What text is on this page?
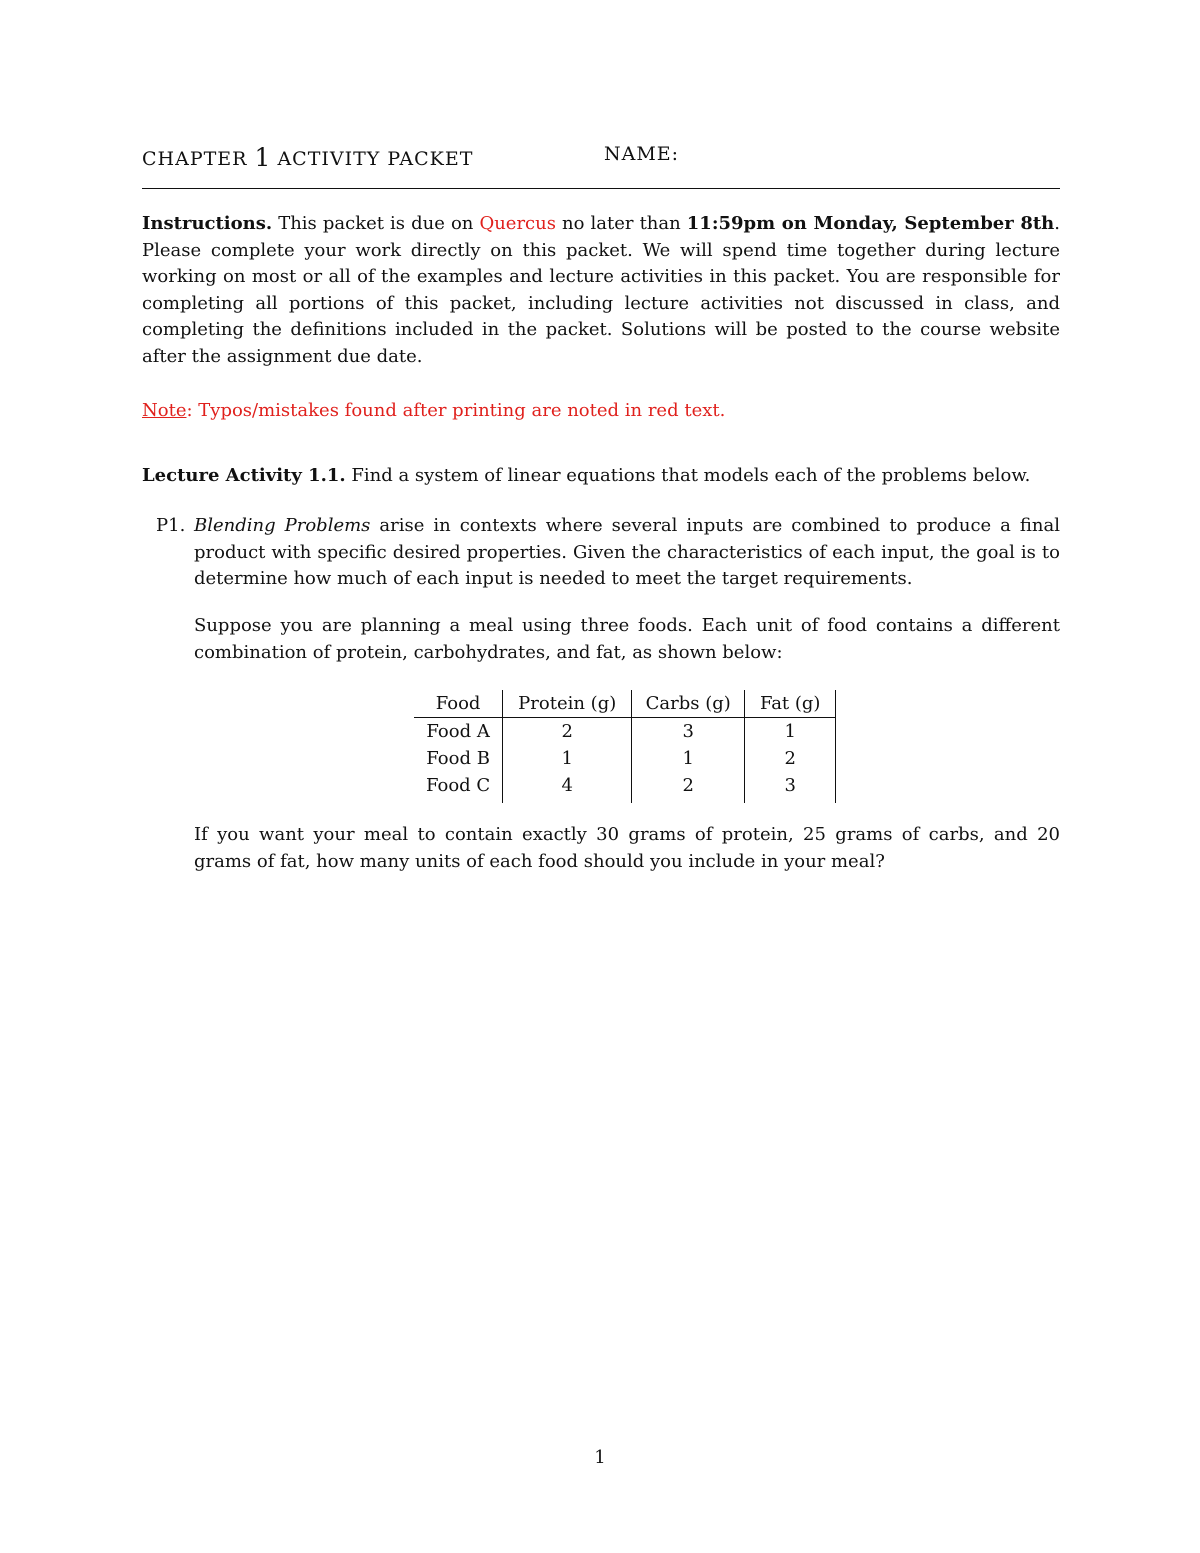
CHAPTER 1 ACTIVITY PACKET	NAME:
Instructions. This packet is due on Quercus no later than 11:59pm on Monday, September 8th. Please complete your work directly on this packet. We will spend time together during lecture working on most or all of the examples and lecture activities in this packet. You are responsible for completing all portions of this packet, including lecture activities not discussed in class, and completing the definitions included in the packet. Solutions will be posted to the course website after the assignment due date.
Note: Typos/mistakes found after printing are noted in red text.
Lecture Activity 1.1. Find a system of linear equations that models each of the problems below.
P1. Blending Problems arise in contexts where several inputs are combined to produce a final product with specific desired properties. Given the characteristics of each input, the goal is to determine how much of each input is needed to meet the target requirements.
Suppose you are planning a meal using three foods. Each unit of food contains a different combination of protein, carbohydrates, and fat, as shown below:
Food	Protein (g)	Carbs (g)	Fat (g)
Food A	2	3	1
Food B	1	1	2
Food C	4	2	3
If you want your meal to contain exactly 30 grams of protein, 25 grams of carbs, and 20 grams of fat, how many units of each food should you include in your meal?
1
